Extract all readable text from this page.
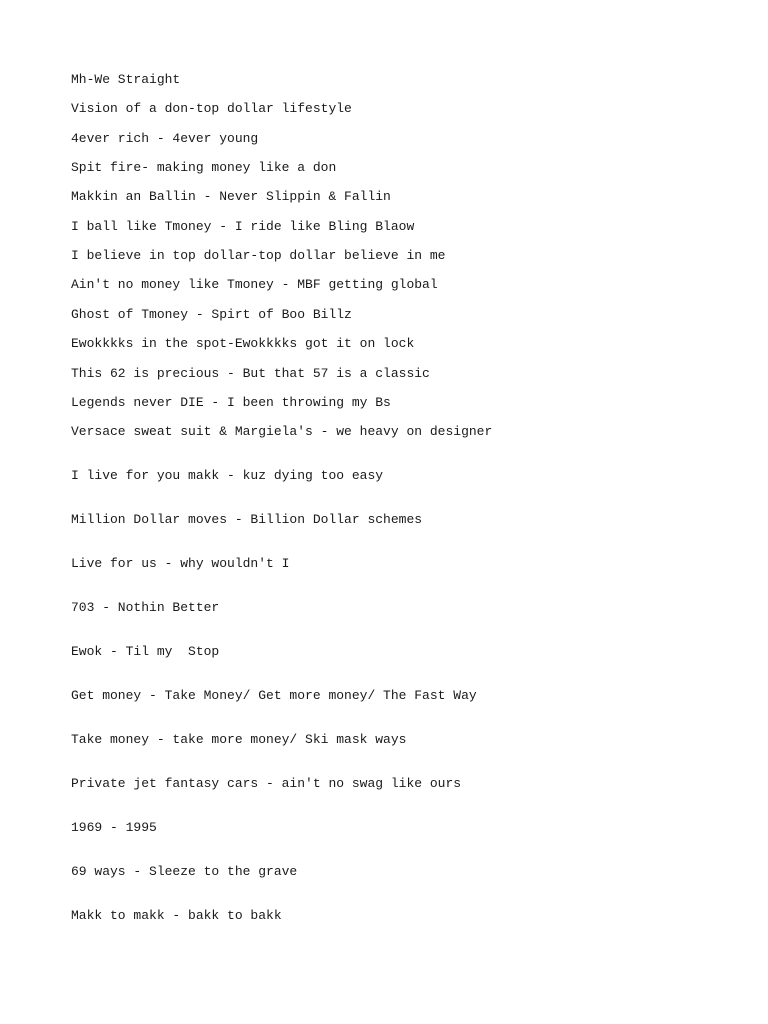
Mh-We Straight

Vision of a don-top dollar lifestyle

4ever rich - 4ever young

Spit fire- making money like a don

Makkin an Ballin - Never Slippin & Fallin

I ball like Tmoney - I ride like Bling Blaow

I believe in top dollar-top dollar believe in me

Ain't no money like Tmoney - MBF getting global

Ghost of Tmoney - Spirt of Boo Billz

Ewokkkks in the spot-Ewokkkks got it on lock

This 62 is precious - But that 57 is a classic

Legends never DIE - I been throwing my Bs

Versace sweat suit & Margiela's - we heavy on designer

I live for you makk - kuz dying too easy

Million Dollar moves - Billion Dollar schemes

Live for us - why wouldn't I

703 - Nothin Better

Ewok - Til my  Stop

Get money - Take Money/ Get more money/ The Fast Way

Take money - take more money/ Ski mask ways

Private jet fantasy cars - ain't no swag like ours

1969 - 1995

69 ways - Sleeze to the grave

Makk to makk - bakk to bakk
